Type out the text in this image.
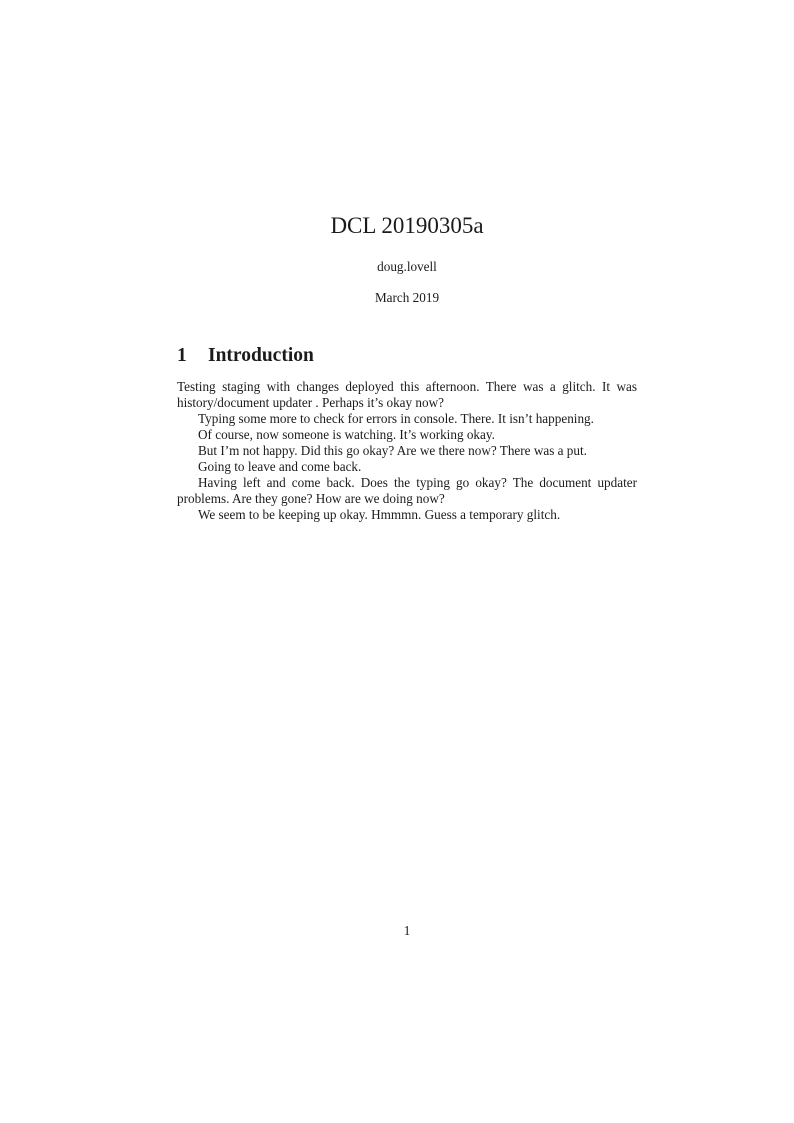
DCL 20190305a
doug.lovell
March 2019
1 Introduction

Testing staging with changes deployed this afternoon. There was a glitch. It was history/document updater . Perhaps it’s okay now?

Typing some more to check for errors in console. There. It isn’t happening.

Of course, now someone is watching. It’s working okay.

But I’m not happy. Did this go okay? Are we there now? There was a put.

Going to leave and come back.

Having left and come back. Does the typing go okay? The document updater problems. Are they gone? How are we doing now?

We seem to be keeping up okay. Hmmmn. Guess a temporary glitch.

1
